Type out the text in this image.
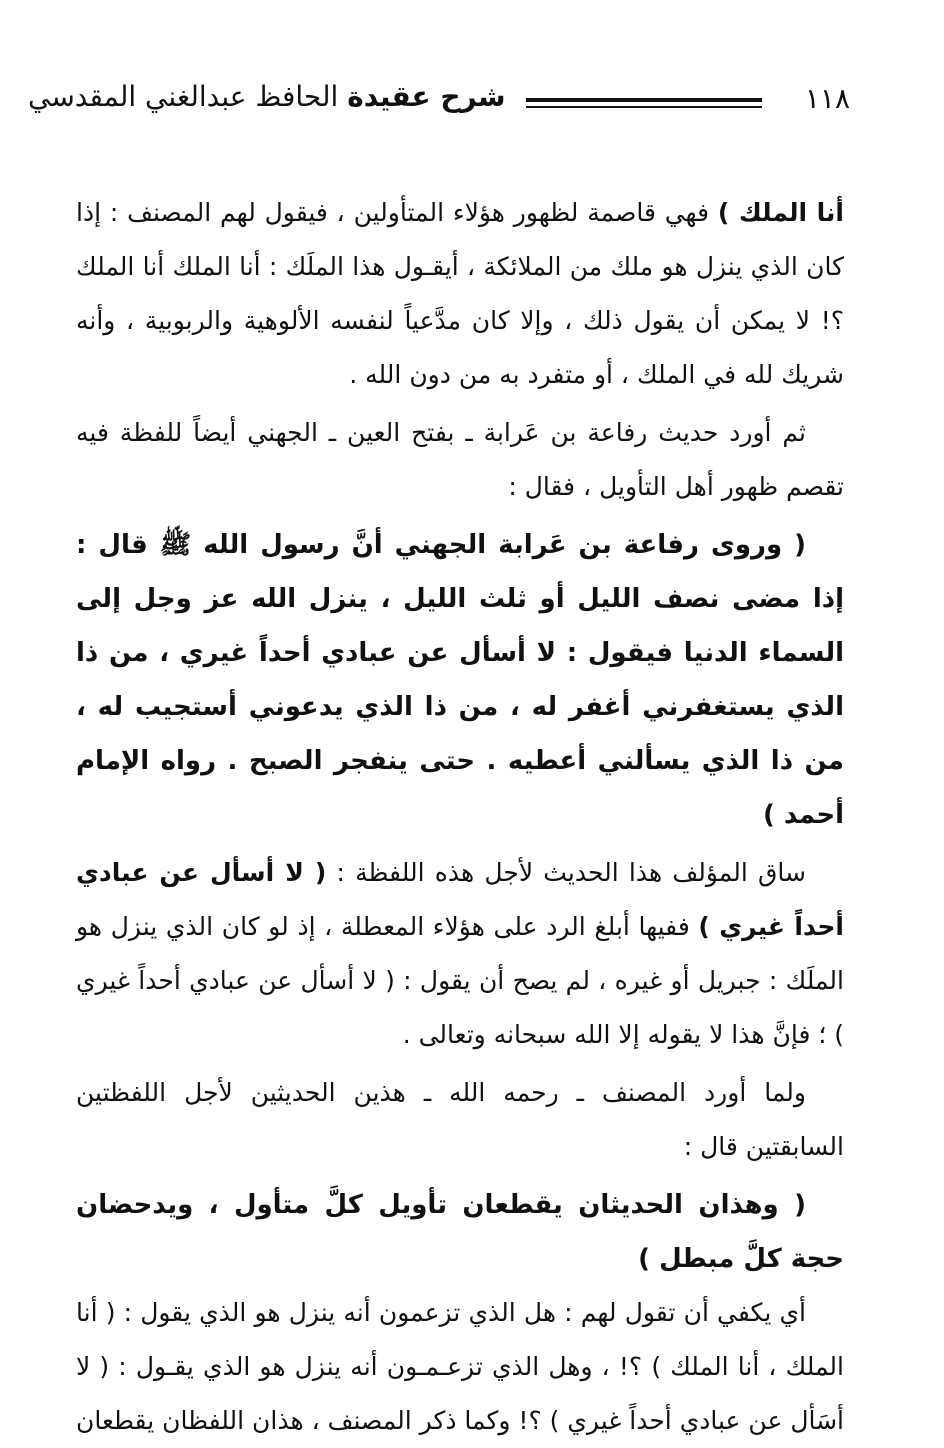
١١٨
شرح عقيدة الحافظ عبدالغني المقدسي

أنا الملك ) فهي قاصمة لظهور هؤلاء المتأولين ، فيقول لهم المصنف : إذا كان الذي ينزل هو ملك من الملائكة ، أيقـول هذا الملَك : أنا الملك أنا الملك ؟! لا يمكن أن يقول ذلك ، وإلا كان مدَّعياً لنفسه الألوهية والربوبية ، وأنه شريك لله في الملك ، أو متفرد به من دون الله .

ثم أورد حديث رفاعة بن عَرابة ـ بفتح العين ـ الجهني أيضاً للفظة فيه تقصم ظهور أهل التأويل ، فقال :

( وروى رفاعة بن عَرابة الجهني أنَّ رسول الله ﷺ قال : إذا مضى نصف الليل أو ثلث الليل ، ينزل الله عز وجل إلى السماء الدنيا فيقول : لا أسأل عن عبادي أحداً غيري ، من ذا الذي يستغفرني أغفر له ، من ذا الذي يدعوني أستجيب له ، من ذا الذي يسألني أعطيه . حتى ينفجر الصبح . رواه الإمام أحمد )

ساق المؤلف هذا الحديث لأجل هذه اللفظة : ( لا أسأل عن عبادي أحداً غيري ) ففيها أبلغ الرد على هؤلاء المعطلة ، إذ لو كان الذي ينزل هو الملَك : جبريل أو غيره ، لم يصح أن يقول : ( لا أسأل عن عبادي أحداً غيري ) ؛ فإنَّ هذا لا يقوله إلا الله سبحانه وتعالى .

ولما أورد المصنف ـ رحمه الله ـ هذين الحديثين لأجل اللفظتين السابقتين قال :

( وهذان الحديثان يقطعان تأويل كلَّ متأول ، ويدحضان حجة كلَّ مبطل )

أي يكفي أن تقول لهم : هل الذي تزعمون أنه ينزل هو الذي يقول : ( أنا الملك ، أنا الملك ) ؟! ، وهل الذي تزعـمـون أنه ينزل هو الذي يقـول : ( لا أسَأل عن عبادي أحداً غيري ) ؟! وكما ذكر المصنف ، هذان اللفظان يقطعان
